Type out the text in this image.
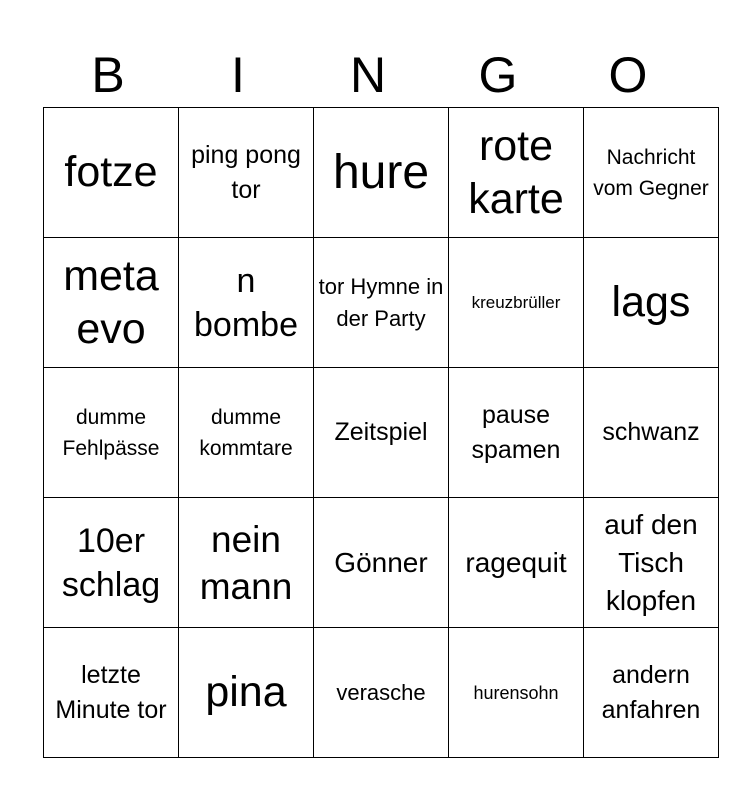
B	I	N	G	O
fotze	ping pong tor	hure	rote karte	Nachricht vom Gegner
meta evo	n bombe	tor Hymne in der Party	kreuzbrüller	lags
dumme Fehlpässe	dumme kommtare	Zeitspiel	pause spamen	schwanz
10er schlag	nein mann	Gönner	ragequit	auf den Tisch klopfen
letzte Minute tor	pina	verasche	hurensohn	andern anfahren
